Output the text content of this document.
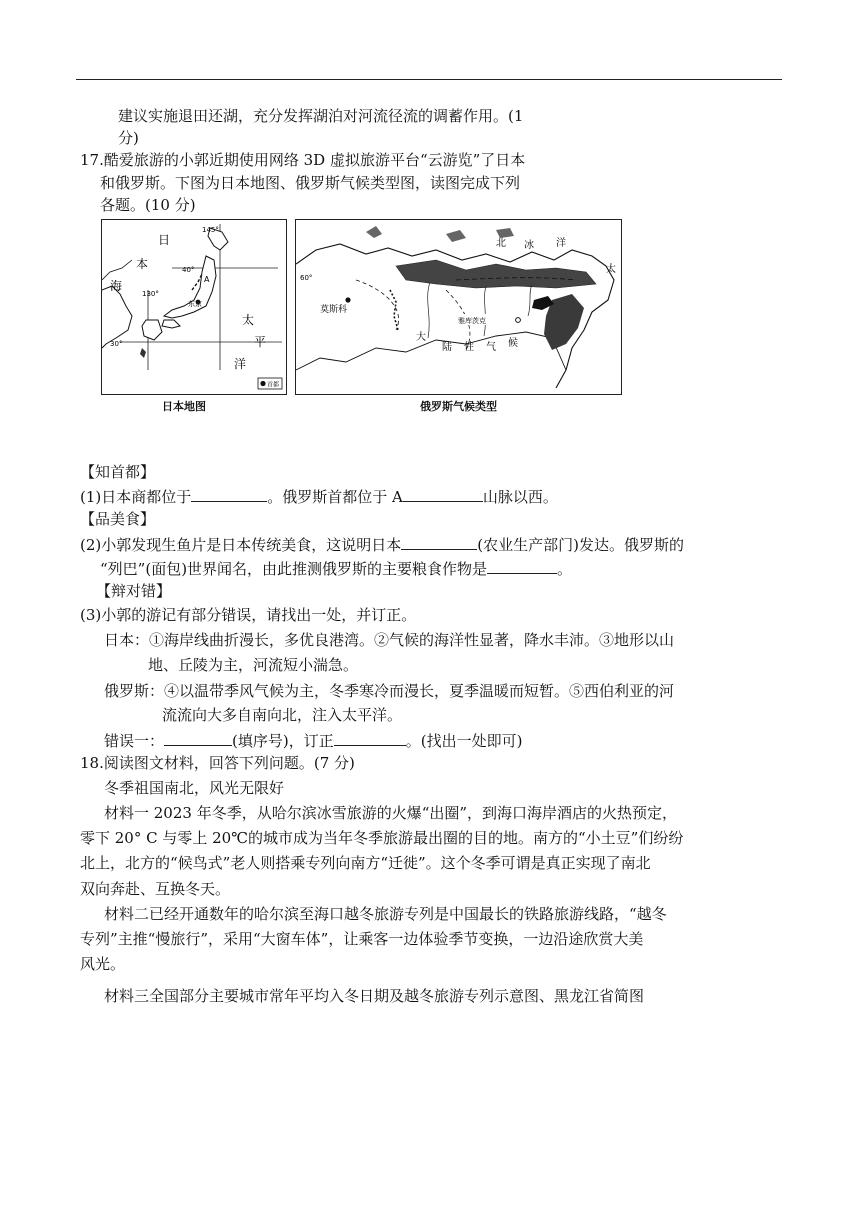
建议实施退田还湖，充分发挥湖泊对河流径流的调蓄作用。(1
分)
17.酷爱旅游的小郭近期使用网络 3D 虚拟旅游平台“云游览”了日本
和俄罗斯。下图为日本地图、俄罗斯气候类型图，读图完成下列
各题。(10 分)
日
本
海
太
平
洋
东京
145°
40°
130°
30°
A
首都
日本地图
北 冰 洋
太
莫斯科
雅库茨克
大
陆 性 气 候
60°
俄罗斯气候类型
【知首都】
(1)日本商都位于	。俄罗斯首都位于 A	山脉以西。
【品美食】
(2)小郭发现生鱼片是日本传统美食，这说明日本	(农业生产部门)发达。俄罗斯的
“列巴”(面包)世界闻名，由此推测俄罗斯的主要粮食作物是	。
【辩对错】
(3)小郭的游记有部分错误，请找出一处，并订正。
日本：①海岸线曲折漫长，多优良港湾。②气候的海洋性显著，降水丰沛。③地形以山
地、丘陵为主，河流短小湍急。
俄罗斯：④以温带季风气候为主，冬季寒冷而漫长，夏季温暖而短暂。⑤西伯利亚的河
流流向大多自南向北，注入太平洋。
错误一：	(填序号)，订正	。(找出一处即可)
18.阅读图文材料，回答下列问题。(7 分)
冬季祖国南北，风光无限好
材料一 2023 年冬季，从哈尔滨冰雪旅游的火爆“出圈”，到海口海岸酒店的火热预定，
零下 20° C 与零上 20℃的城市成为当年冬季旅游最出圈的目的地。南方的“小土豆”们纷纷
北上，北方的“候鸟式”老人则搭乘专列向南方“迁徙”。这个冬季可谓是真正实现了南北
双向奔赴、互换冬天。
材料二已经开通数年的哈尔滨至海口越冬旅游专列是中国最长的铁路旅游线路，“越冬
专列”主推“慢旅行”，采用“大窗车体”，让乘客一边体验季节变换，一边沿途欣赏大美
风光。
材料三全国部分主要城市常年平均入冬日期及越冬旅游专列示意图、黑龙江省简图
